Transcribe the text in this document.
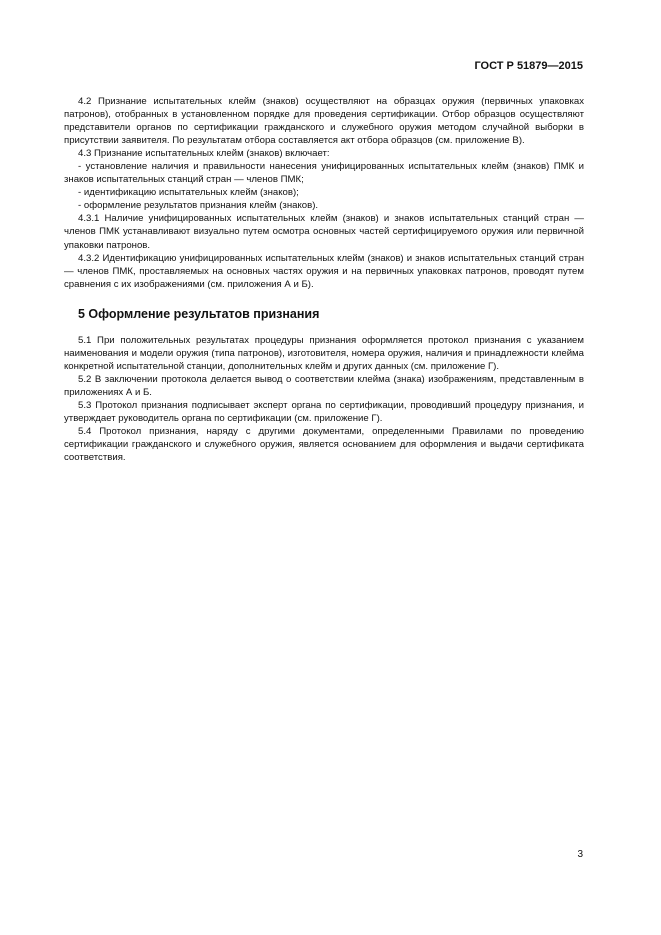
ГОСТ Р 51879—2015

4.2 Признание испытательных клейм (знаков) осуществляют на образцах оружия (первичных упаковках патронов), отобранных в установленном порядке для проведения сертификации. Отбор образцов осуществляют представители органов по сертификации гражданского и служебного оружия методом случайной выборки в присутствии заявителя. По результатам отбора составляется акт отбора образцов (см. приложение В).

4.3 Признание испытательных клейм (знаков) включает:

- установление наличия и правильности нанесения унифицированных испытательных клейм (знаков) ПМК и знаков испытательных станций стран — членов ПМК;

- идентификацию испытательных клейм (знаков);

- оформление результатов признания клейм (знаков).

4.3.1 Наличие унифицированных испытательных клейм (знаков) и знаков испытательных станций стран — членов ПМК устанавливают визуально путем осмотра основных частей сертифицируемого оружия или первичной упаковки патронов.

4.3.2 Идентификацию унифицированных испытательных клейм (знаков) и знаков испытательных станций стран — членов ПМК, проставляемых на основных частях оружия и на первичных упаковках патронов, проводят путем сравнения с их изображениями (см. приложения А и Б).

5 Оформление результатов признания

5.1 При положительных результатах процедуры признания оформляется протокол признания с указанием наименования и модели оружия (типа патронов), изготовителя, номера оружия, наличия и принадлежности клейма конкретной испытательной станции, дополнительных клейм и других данных (см. приложение Г).

5.2 В заключении протокола делается вывод о соответствии клейма (знака) изображениям, представленным в приложениях А и Б.

5.3 Протокол признания подписывает эксперт органа по сертификации, проводивший процедуру признания, и утверждает руководитель органа по сертификации (см. приложение Г).

5.4 Протокол признания, наряду с другими документами, определенными Правилами по проведению сертификации гражданского и служебного оружия, является основанием для оформления и выдачи сертификата соответствия.

3
